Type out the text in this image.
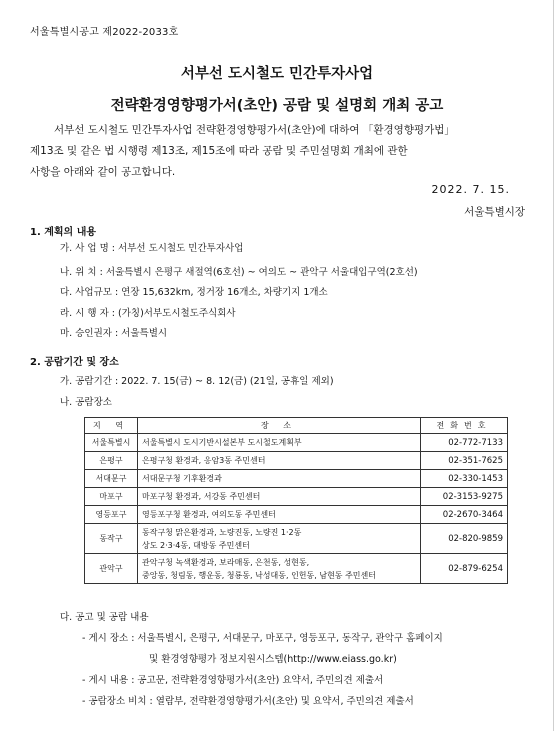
서울특별시공고 제2022-2033호
서부선 도시철도 민간투자사업
전략환경영향평가서(초안) 공람 및 설명회 개최 공고
서부선 도시철도 민간투자사업 전략환경영향평가서(초안)에 대하여 「환경영향평가법」
제13조 및 같은 법 시행령 제13조, 제15조에 따라 공람 및 주민설명회 개최에 관한
사항을 아래와 같이 공고합니다.
2022. 7. 15.
서울특별시장
1. 계획의 내용
가. 사 업 명 : 서부선 도시철도 민간투자사업
나. 위 치 : 서울특별시 은평구 새절역(6호선) ~ 여의도 ~ 관악구 서울대입구역(2호선)
다. 사업규모 : 연장 15,632km, 정거장 16개소, 차량기지 1개소
라. 시 행 자 : (가칭)서부도시철도주식회사
마. 승인권자 : 서울특별시
2. 공람기간 및 장소
가. 공람기간 : 2022. 7. 15(금) ~ 8. 12(금) (21일, 공휴일 제외)
나. 공람장소
지 역	장 소	전화번호
서울특별시	서울특별시 도시기반시설본부 도시철도계획부	02-772-7133
은평구	은평구청 환경과, 응암3동 주민센터	02-351-7625
서대문구	서대문구청 기후환경과	02-330-1453
마포구	마포구청 환경과, 서강동 주민센터	02-3153-9275
영등포구	영등포구청 환경과, 여의도동 주민센터	02-2670-3464
동작구	동작구청 맑은환경과, 노량진동, 노량진 1·2동
상도 2·3·4동, 대방동 주민센터	02-820-9859
관악구	관악구청 녹색환경과, 보라매동, 은천동, 성현동,
중앙동, 청림동, 행운동, 청룡동, 낙성대동, 인헌동, 남현동 주민센터	02-879-6254
다. 공고 및 공람 내용
- 게시 장소 : 서울특별시, 은평구, 서대문구, 마포구, 영등포구, 동작구, 관악구 홈페이지
및 환경영향평가 정보지원시스템(http://www.eiass.go.kr)
- 게시 내용 : 공고문, 전략환경영향평가서(초안) 요약서, 주민의견 제출서
- 공람장소 비치 : 열람부, 전략환경영향평가서(초안) 및 요약서, 주민의견 제출서
